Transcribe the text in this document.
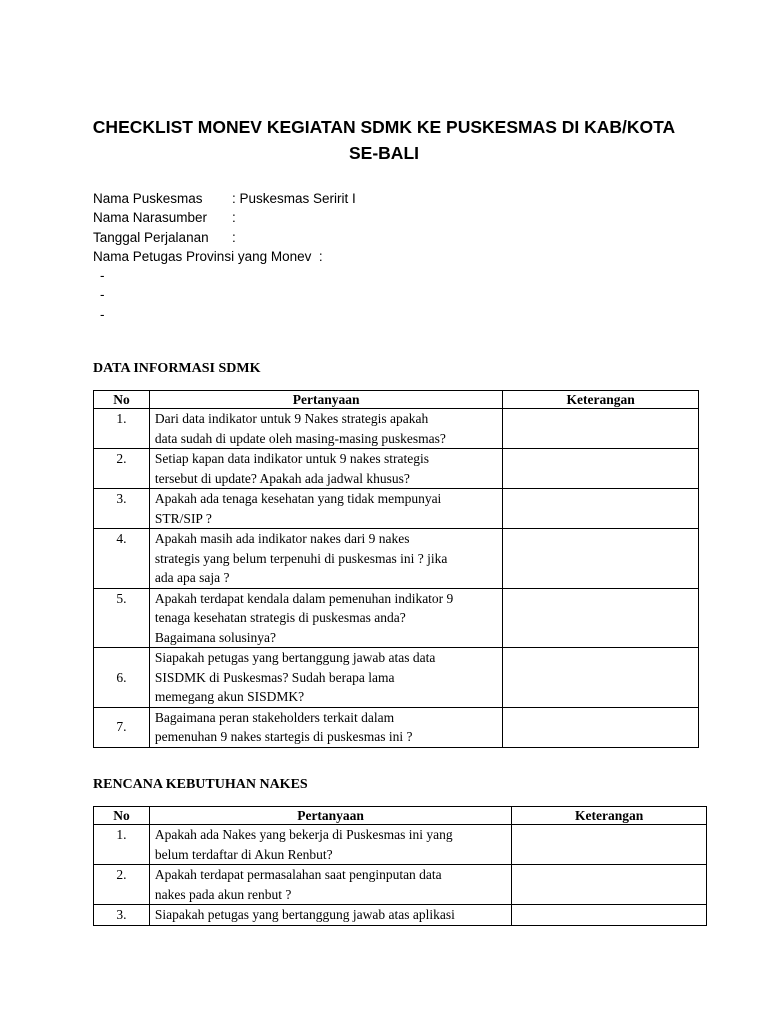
CHECKLIST MONEV KEGIATAN SDMK KE PUSKESMAS DI KAB/KOTA
SE-BALI
Nama Puskesmas : Puskesmas Seririt I
Nama Narasumber :
Tanggal Perjalanan :
Nama Petugas Provinsi yang Monev  :
-
-
-
DATA INFORMASI SDMK
No	Pertanyaan	Keterangan
1.	Dari data indikator untuk 9 Nakes strategis apakah
data sudah di update oleh masing-masing puskesmas?	

2.	Setiap kapan data indikator untuk 9 nakes strategis
tersebut di update? Apakah ada jadwal khusus?	

3.	Apakah ada tenaga kesehatan yang tidak mempunyai
STR/SIP ?	

4.	Apakah masih ada indikator nakes dari 9 nakes
strategis yang belum terpenuhi di puskesmas ini ? jika
ada apa saja ?	

5.	Apakah terdapat kendala dalam pemenuhan indikator 9
tenaga kesehatan strategis di puskesmas anda?
Bagaimana solusinya?	

6.	Siapakah petugas yang bertanggung jawab atas data
SISDMK di Puskesmas? Sudah berapa lama
memegang akun SISDMK?	

7.	Bagaimana peran stakeholders terkait dalam
pemenuhan 9 nakes startegis di puskesmas ini ?	

RENCANA KEBUTUHAN NAKES
No	Pertanyaan	Keterangan
1.	Apakah ada Nakes yang bekerja di Puskesmas ini yang
belum terdaftar di Akun Renbut?	

2.	Apakah terdapat permasalahan saat penginputan data
nakes pada akun renbut ?	

3.	Siapakah petugas yang bertanggung jawab atas aplikasi	
